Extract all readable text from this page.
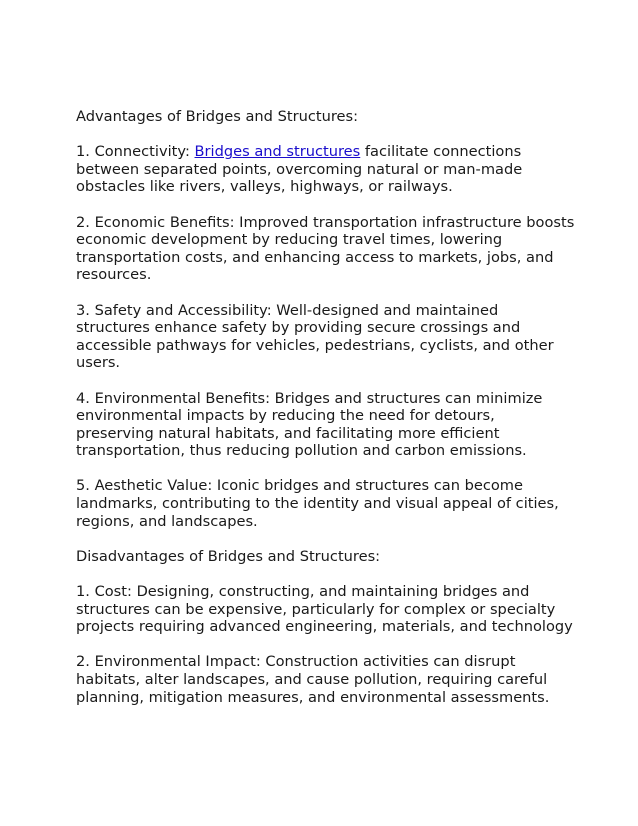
Advantages of Bridges and Structures:

1. Connectivity: Bridges and structures facilitate connections between separated points, overcoming natural or man-made obstacles like rivers, valleys, highways, or railways.

2. Economic Benefits: Improved transportation infrastructure boosts economic development by reducing travel times, lowering transportation costs, and enhancing access to markets, jobs, and resources.

3. Safety and Accessibility: Well-designed and maintained structures enhance safety by providing secure crossings and accessible pathways for vehicles, pedestrians, cyclists, and other users.

4. Environmental Benefits: Bridges and structures can minimize environmental impacts by reducing the need for detours, preserving natural habitats, and facilitating more efficient transportation, thus reducing pollution and carbon emissions.

5. Aesthetic Value: Iconic bridges and structures can become landmarks, contributing to the identity and visual appeal of cities, regions, and landscapes.

Disadvantages of Bridges and Structures:

1. Cost: Designing, constructing, and maintaining bridges and structures can be expensive, particularly for complex or specialty projects requiring advanced engineering, materials, and technology

2. Environmental Impact: Construction activities can disrupt habitats, alter landscapes, and cause pollution, requiring careful planning, mitigation measures, and environmental assessments.
